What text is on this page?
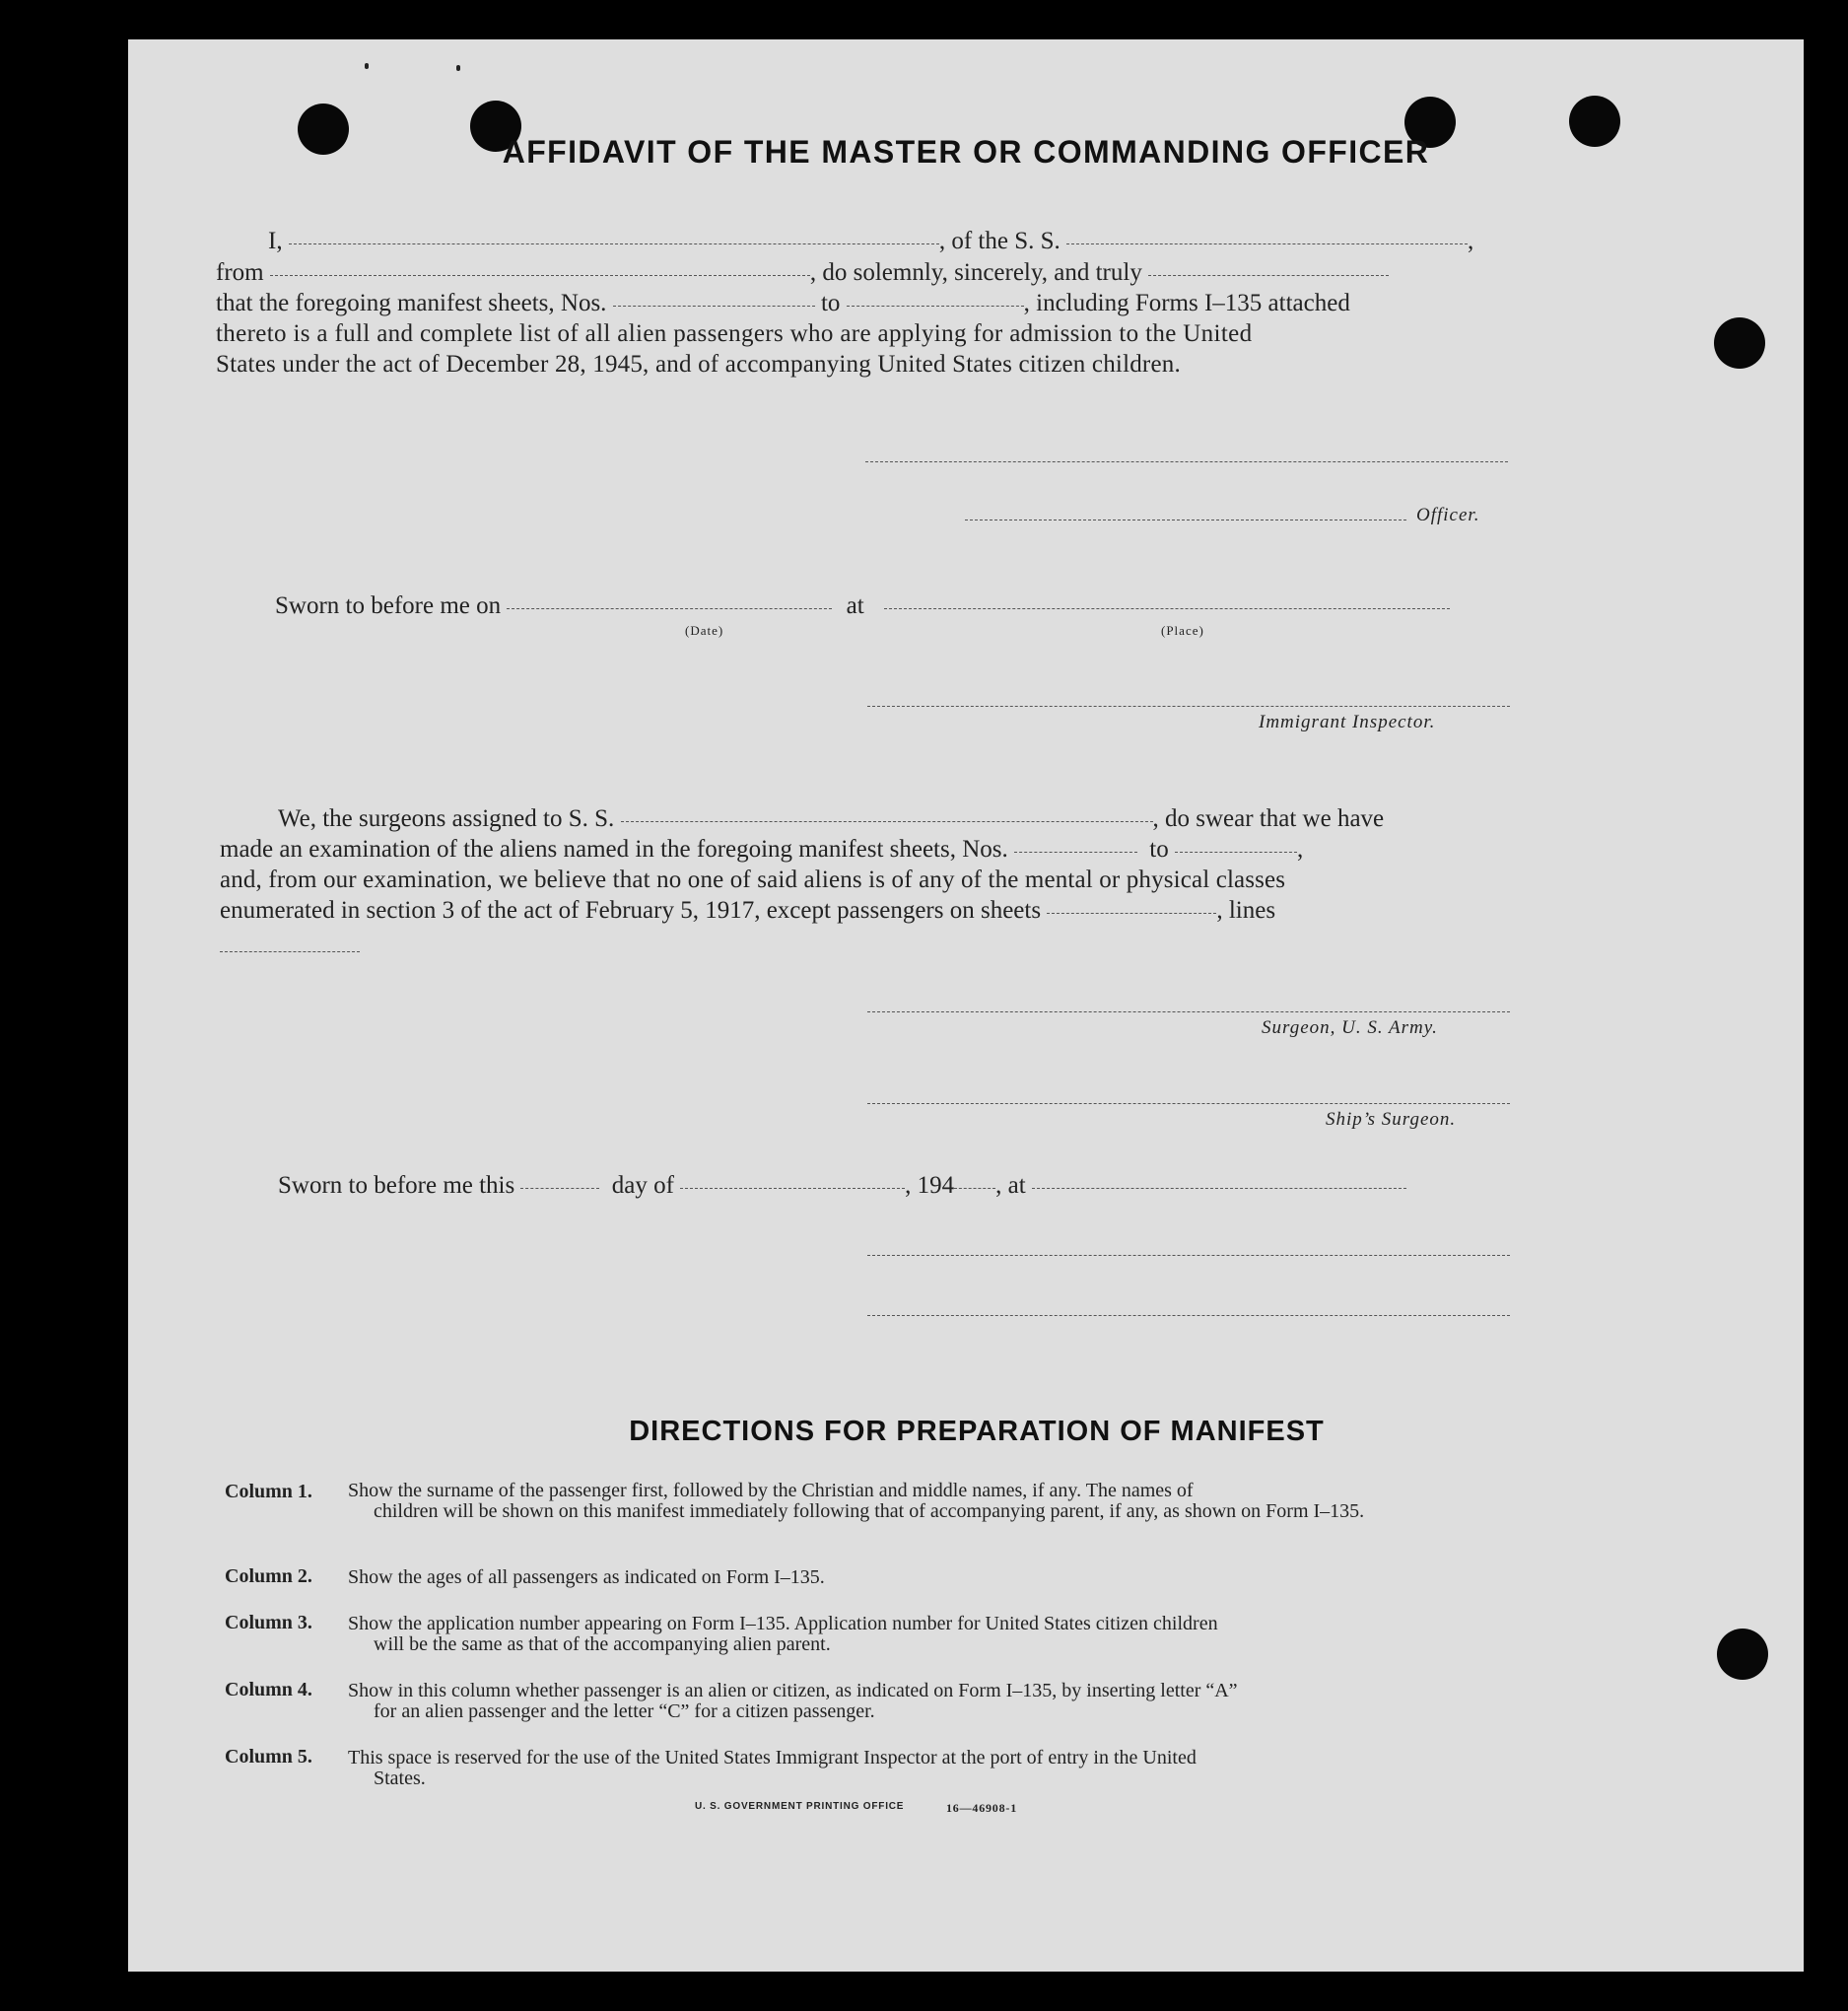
AFFIDAVIT OF THE MASTER OR COMMANDING OFFICER
I,	, of the S. S.	,
from	, do solemnly, sincerely, and truly
that the foregoing manifest sheets, Nos.	to	, including Forms I–135 attached
thereto is a full and complete list of all alien passengers who are applying for admission to the United
States under the act of December 28, 1945, and of accompanying United States citizen children.
Officer.
Sworn to before me on	at
(Date)	(Place)
Immigrant Inspector.
We, the surgeons assigned to S. S.	, do swear that we have
made an examination of the aliens named in the foregoing manifest sheets, Nos.	to	,
and, from our examination, we believe that no one of said aliens is of any of the mental or physical classes
enumerated in section 3 of the act of February 5, 1917, except passengers on sheets	, lines
Surgeon, U. S. Army.
Ship’s Surgeon.
Sworn to before me this	day of	, 194 , at
DIRECTIONS FOR PREPARATION OF MANIFEST
Column 1. Show the surname of the passenger first, followed by the Christian and middle names, if any. The names of
children will be shown on this manifest immediately following that of accompanying parent, if any, as shown on Form I–135.
Column 2. Show the ages of all passengers as indicated on Form I–135.
Column 3. Show the application number appearing on Form I–135. Application number for United States citizen children
will be the same as that of the accompanying alien parent.
Column 4. Show in this column whether passenger is an alien or citizen, as indicated on Form I–135, by inserting letter “A”
for an alien passenger and the letter “C” for a citizen passenger.
Column 5. This space is reserved for the use of the United States Immigrant Inspector at the port of entry in the United
States.
U. S. GOVERNMENT PRINTING OFFICE	16—46908-1
